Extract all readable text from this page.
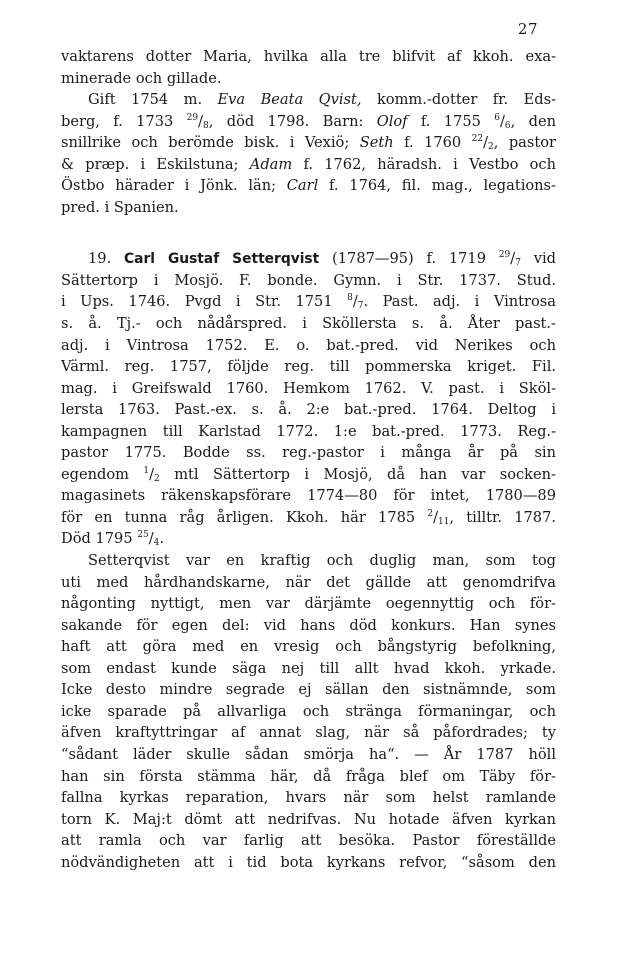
27
vaktarens dotter Maria, hvilka alla tre blifvit af kkoh. exa-
minerade och gillade.
Gift 1754 m. Eva Beata Qvist, komm.-dotter fr. Eds-
berg, f. 1733 $^{29}/_8$, död 1798. Barn: Olof f. 1755 $^6/_6$, den
snillrike och berömde bisk. i Vexiö; Seth f. 1760 $^{22}/_2$, pastor
& præp. i Eskilstuna; Adam f. 1762, häradsh. i Vestbo och
Östbo härader i Jönk. län; Carl f. 1764, fil. mag., legations-
pred. i Spanien.
19. Carl Gustaf Setterqvist (1787—95) f. 1719 $^{29}/_7$ vid
Sättertorp i Mosjö. F. bonde. Gymn. i Str. 1737. Stud.
i Ups. 1746. Pvgd i Str. 1751 $^8/_7$. Past. adj. i Vintrosa
s. å. Tj.- och nådårspred. i Sköllersta s. å. Åter past.-
adj. i Vintrosa 1752. E. o. bat.-pred. vid Nerikes och
Värml. reg. 1757, följde reg. till pommerska kriget. Fil.
mag. i Greifswald 1760. Hemkom 1762. V. past. i Sköl-
lersta 1763. Past.-ex. s. å. 2:e bat.-pred. 1764. Deltog i
kampagnen till Karlstad 1772. 1:e bat.-pred. 1773. Reg.-
pastor 1775. Bodde ss. reg.-pastor i många år på sin
egendom $^1/_2$ mtl Sättertorp i Mosjö, då han var socken-
magasinets räkenskapsförare 1774—80 för intet, 1780—89
för en tunna råg årligen. Kkoh. här 1785 $^2/_{11}$, tilltr. 1787.
Död 1795 $^{25}/_4$.
Setterqvist var en kraftig och duglig man, som tog
uti med hårdhandskarne, när det gällde att genomdrifva
någonting nyttigt, men var därjämte oegennyttig och för-
sakande för egen del: vid hans död konkurs. Han synes
haft att göra med en vresig och bångstyrig befolkning,
som endast kunde säga nej till allt hvad kkoh. yrkade.
Icke desto mindre segrade ej sällan den sistnämnde, som
icke sparade på allvarliga och stränga förmaningar, och
äfven kraftyttringar af annat slag, när så påfordrades; ty
“sådant läder skulle sådan smörja ha“. — År 1787 höll
han sin första stämma här, då fråga blef om Täby för-
fallna kyrkas reparation, hvars när som helst ramlande
torn K. Maj:t dömt att nedrifvas. Nu hotade äfven kyrkan
att ramla och var farlig att besöka. Pastor föreställde
nödvändigheten att i tid bota kyrkans refvor, “såsom den
